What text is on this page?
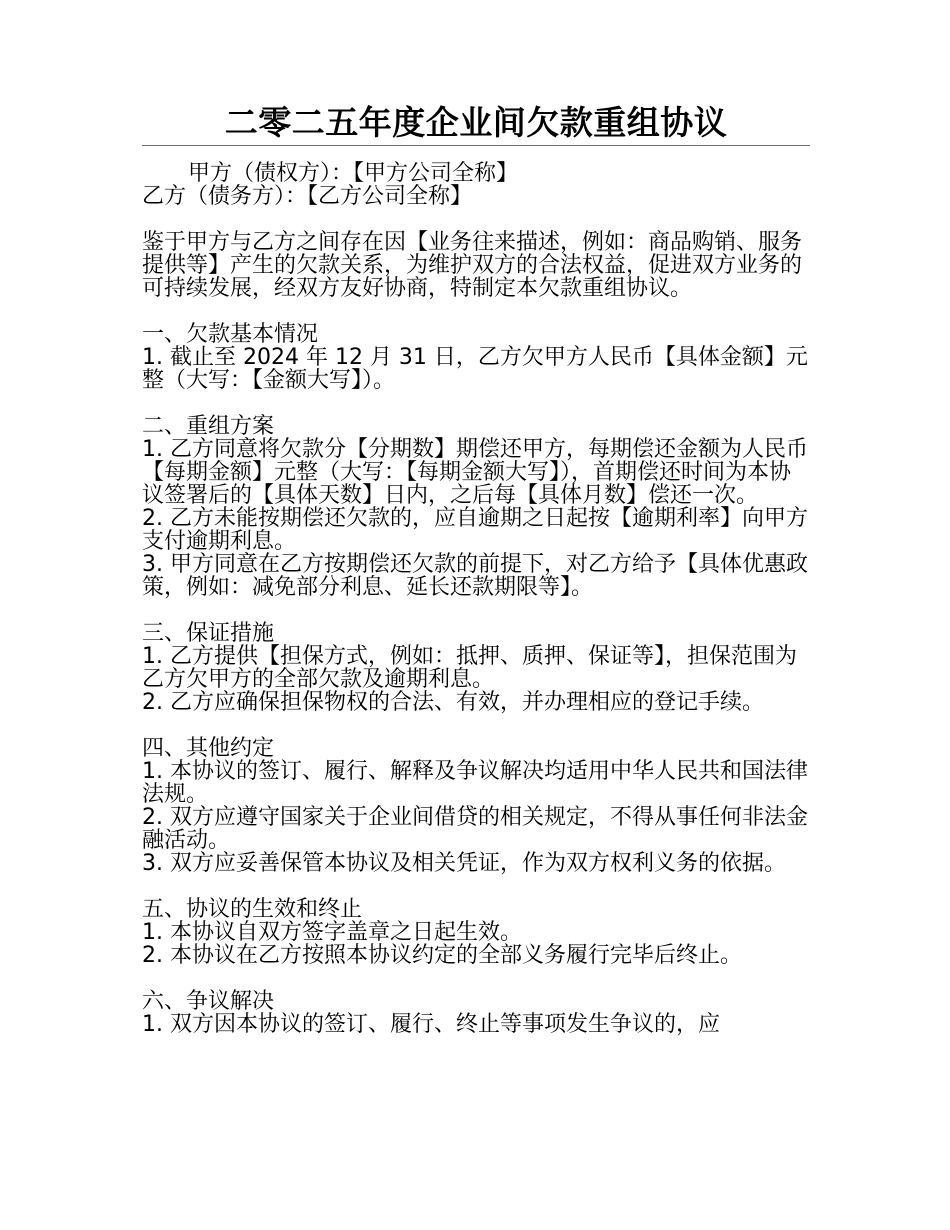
二零二五年度企业间欠款重组协议

甲方（债权方）：【甲方公司全称】

乙方（债务方）：【乙方公司全称】

鉴于甲方与乙方之间存在因【业务往来描述，例如：商品购销、服务提供等】产生的欠款关系，为维护双方的合法权益，促进双方业务的可持续发展，经双方友好协商，特制定本欠款重组协议。

一、欠款基本情况

1. 截止至 2024 年 12 月 31 日，乙方欠甲方人民币【具体金额】元整（大写：【金额大写】）。

二、重组方案

1. 乙方同意将欠款分【分期数】期偿还甲方，每期偿还金额为人民币【每期金额】元整（大写：【每期金额大写】），首期偿还时间为本协议签署后的【具体天数】日内，之后每【具体月数】偿还一次。

2. 乙方未能按期偿还欠款的，应自逾期之日起按【逾期利率】向甲方支付逾期利息。

3. 甲方同意在乙方按期偿还欠款的前提下，对乙方给予【具体优惠政策，例如：减免部分利息、延长还款期限等】。

三、保证措施

1. 乙方提供【担保方式，例如：抵押、质押、保证等】，担保范围为乙方欠甲方的全部欠款及逾期利息。

2. 乙方应确保担保物权的合法、有效，并办理相应的登记手续。

四、其他约定

1. 本协议的签订、履行、解释及争议解决均适用中华人民共和国法律法规。

2. 双方应遵守国家关于企业间借贷的相关规定，不得从事任何非法金融活动。

3. 双方应妥善保管本协议及相关凭证，作为双方权利义务的依据。

五、协议的生效和终止

1. 本协议自双方签字盖章之日起生效。

2. 本协议在乙方按照本协议约定的全部义务履行完毕后终止。

六、争议解决

1. 双方因本协议的签订、履行、终止等事项发生争议的，应
